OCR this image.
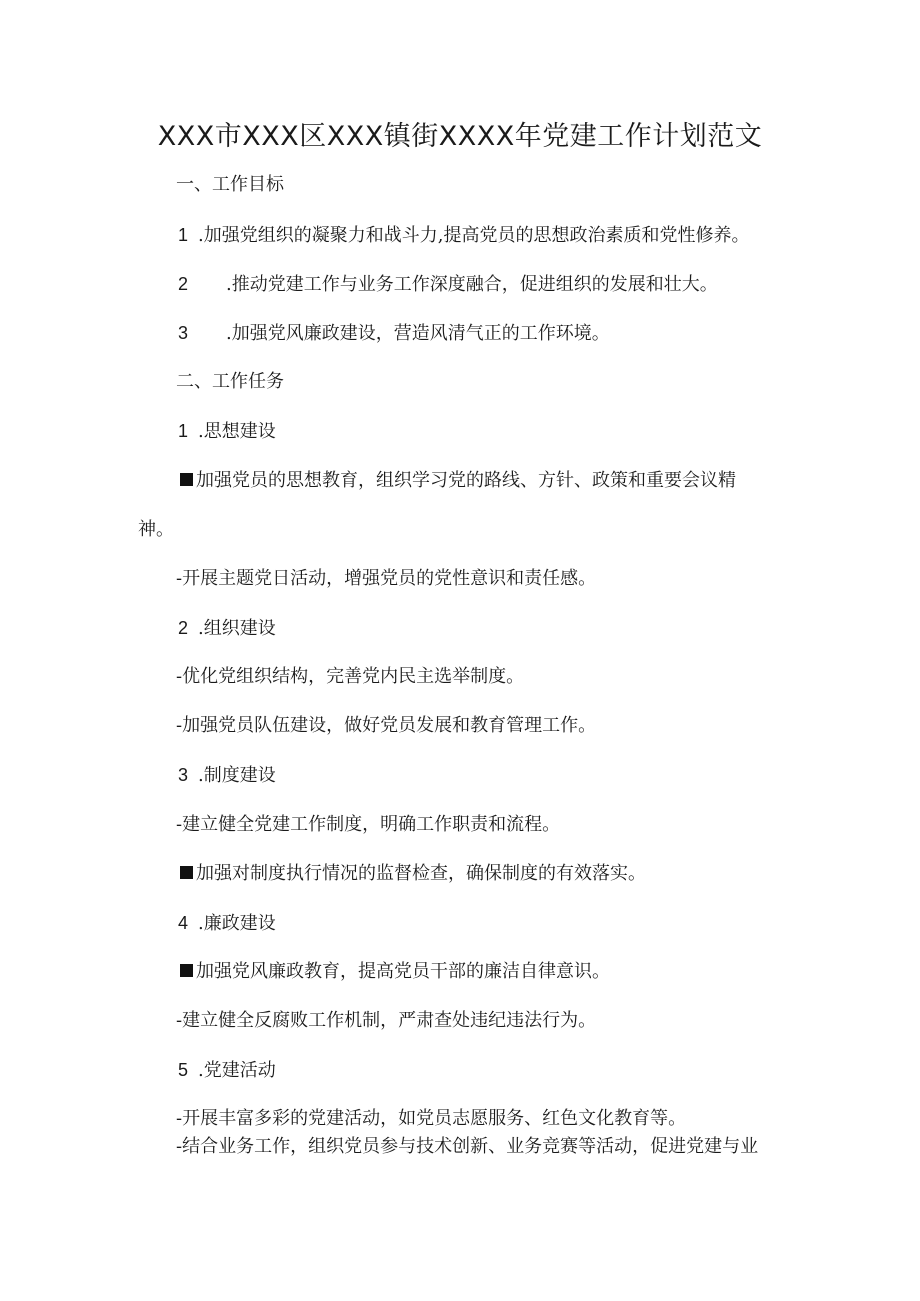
XXX市XXX区XXX镇街XXXX年党建工作计划范文
一、工作目标
1 .加强党组织的凝聚力和战斗力,提高党员的思想政治素质和党性修养。
2 .推动党建工作与业务工作深度融合，促进组织的发展和壮大。
3 .加强党风廉政建设，营造风清气正的工作环境。
二、工作任务
1 .思想建设
加强党员的思想教育，组织学习党的路线、方针、政策和重要会议精
神。
-开展主题党日活动，增强党员的党性意识和责任感。
2 .组织建设
-优化党组织结构，完善党内民主选举制度。
-加强党员队伍建设，做好党员发展和教育管理工作。
3 .制度建设
-建立健全党建工作制度，明确工作职责和流程。
加强对制度执行情况的监督检查，确保制度的有效落实。
4 .廉政建设
加强党风廉政教育，提高党员干部的廉洁自律意识。
-建立健全反腐败工作机制，严肃查处违纪违法行为。
5 .党建活动
-开展丰富多彩的党建活动，如党员志愿服务、红色文化教育等。
-结合业务工作，组织党员参与技术创新、业务竞赛等活动，促进党建与业
